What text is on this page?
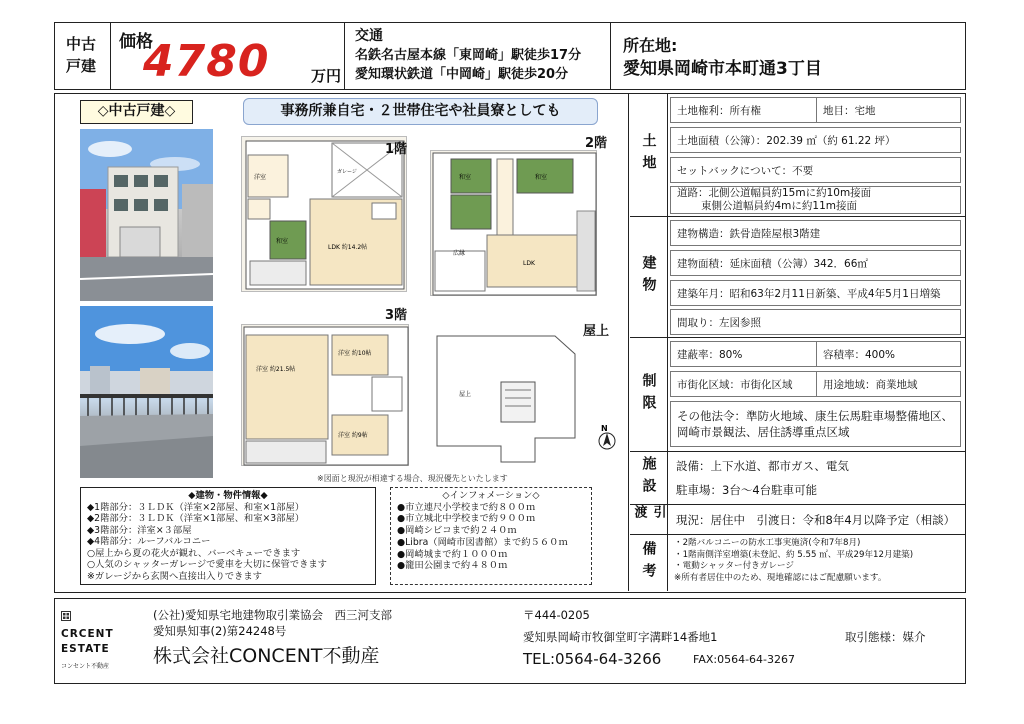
中古
戸建
価格
4780	万円
交通
名鉄名古屋本線「東岡崎」駅徒歩17分
愛知環状鉄道「中岡崎」駅徒歩20分
所在地:
愛知県岡崎市本町通3丁目
◇中古戸建◇	事務所兼自宅・２世帯住宅や社員寮としても
洋室
和室
LDK 約14.2帖
ガレージ
1階
和室	和室
LDK
広縁
2階
洋室 約21.5帖
洋室 約10帖
洋室 約9帖
3階
屋上
屋上
N
※図面と現況が相違する場合、現況優先といたします
◆建物・物件情報◆
◆1階部分：３ＬＤＫ（洋室×2部屋、和室×1部屋）
◆2階部分：３ＬＤＫ（洋室×1部屋、和室×3部屋）
◆3階部分：洋室×３部屋
◆4階部分：ルーフバルコニー
○屋上から夏の花火が観れ、バーベキューできます
○人気のシャッターガレージで愛車を大切に保管できます
※ガレージから玄関へ直接出入りできます
◇インフォメーション◇
●市立連尺小学校まで約８００ｍ
●市立城北中学校まで約９００ｍ
●岡崎シビコまで約２４０ｍ
●Libra（岡崎市図書館）まで約５６０ｍ
●岡崎城まで約１０００ｍ
●籠田公園まで約４８０ｍ
土地
土地権利：所有権	地目：宅地
土地面積（公簿）：202.39 ㎡（約 61.22 坪）
セットバックについて：不要
道路：北側公道幅員約15mに約10m接面
東側公道幅員約4mに約11m接面
建物
建物構造：鉄骨造陸屋根3階建
建物面積：延床面積（公簿）342．66㎡
建築年月：昭和63年2月11日新築、平成4年5月1日増築
間取り：左図参照
制限
建蔽率：80%	容積率：400%
市街化区域：市街化区域	用途地域：商業地域
その他法令：準防火地域、康生伝馬駐車場整備地区、
岡崎市景観法、居住誘導重点区域
施設	設備：上下水道、都市ガス、電気
駐車場：3台～4台駐車可能
引渡	現況：居住中　引渡日：令和8年4月以降予定（相談）
備考	・2階バルコニーの防水工事実施済(令和7年8月)
・1階南側洋室増築(未登記、約 5.55 ㎡、平成29年12月建築)
・電動シャッター付きガレージ
※所有者居住中のため、現地確認にはご配慮願います。
CRCENT
ESTATE
コンセント不動産
(公社)愛知県宅地建物取引業協会　西三河支部
愛知県知事(2)第24248号
株式会社CONCENT不動産
〒444-0205
愛知県岡崎市牧御堂町字溝畔14番地1
TEL:0564-64-3266	FAX:0564-64-3267
取引態様：媒介
